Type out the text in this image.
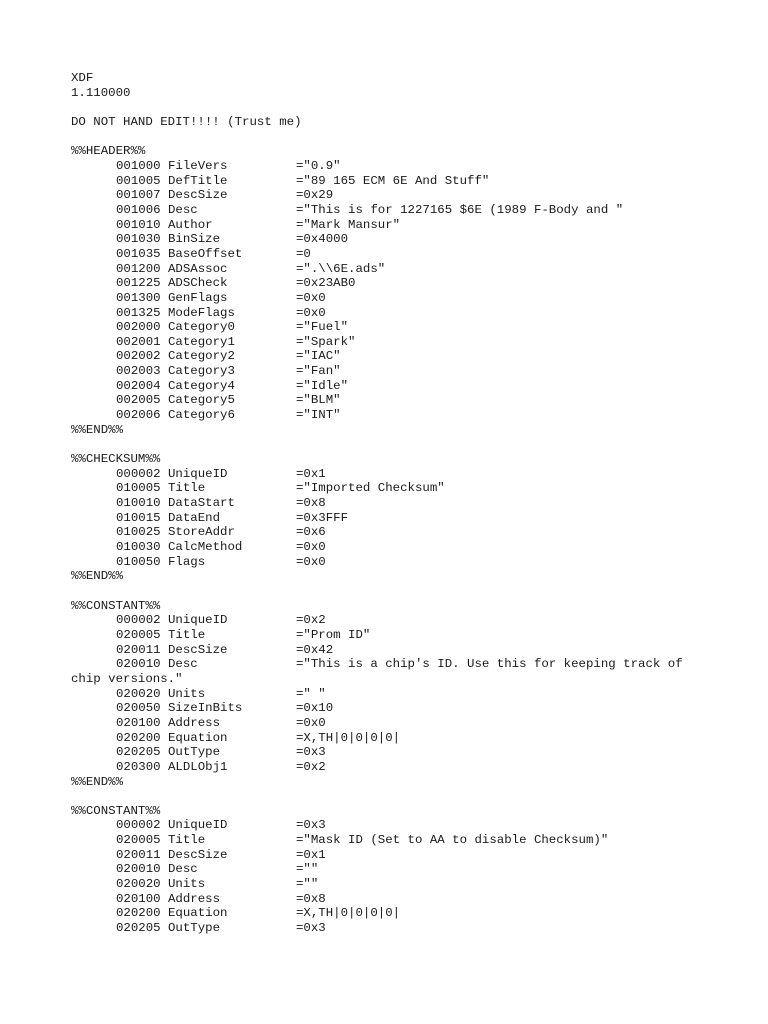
XDF
1.110000
DO NOT HAND EDIT!!!! (Trust me)
%%HEADER%%
001000 FileVers	="0.9"
001005 DefTitle	="89 165 ECM 6E And Stuff"
001007 DescSize	=0x29
001006 Desc	="This is for 1227165 $6E (1989 F-Body and "
001010 Author	="Mark Mansur"
001030 BinSize	=0x4000
001035 BaseOffset	=0
001200 ADSAssoc	=".\\6E.ads"
001225 ADSCheck	=0x23AB0
001300 GenFlags	=0x0
001325 ModeFlags	=0x0
002000 Category0	="Fuel"
002001 Category1	="Spark"
002002 Category2	="IAC"
002003 Category3	="Fan"
002004 Category4	="Idle"
002005 Category5	="BLM"
002006 Category6	="INT"
%%END%%
%%CHECKSUM%%
000002 UniqueID	=0x1
010005 Title	="Imported Checksum"
010010 DataStart	=0x8
010015 DataEnd	=0x3FFF
010025 StoreAddr	=0x6
010030 CalcMethod	=0x0
010050 Flags	=0x0
%%END%%
%%CONSTANT%%
000002 UniqueID	=0x2
020005 Title	="Prom ID"
020011 DescSize	=0x42
020010 Desc	="This is a chip's ID. Use this for keeping track of
chip versions."
020020 Units	=" "
020050 SizeInBits	=0x10
020100 Address	=0x0
020200 Equation	=X,TH|0|0|0|0|
020205 OutType	=0x3
020300 ALDLObj1	=0x2
%%END%%
%%CONSTANT%%
000002 UniqueID	=0x3
020005 Title	="Mask ID (Set to AA to disable Checksum)"
020011 DescSize	=0x1
020010 Desc	=""
020020 Units	=""
020100 Address	=0x8
020200 Equation	=X,TH|0|0|0|0|
020205 OutType	=0x3
